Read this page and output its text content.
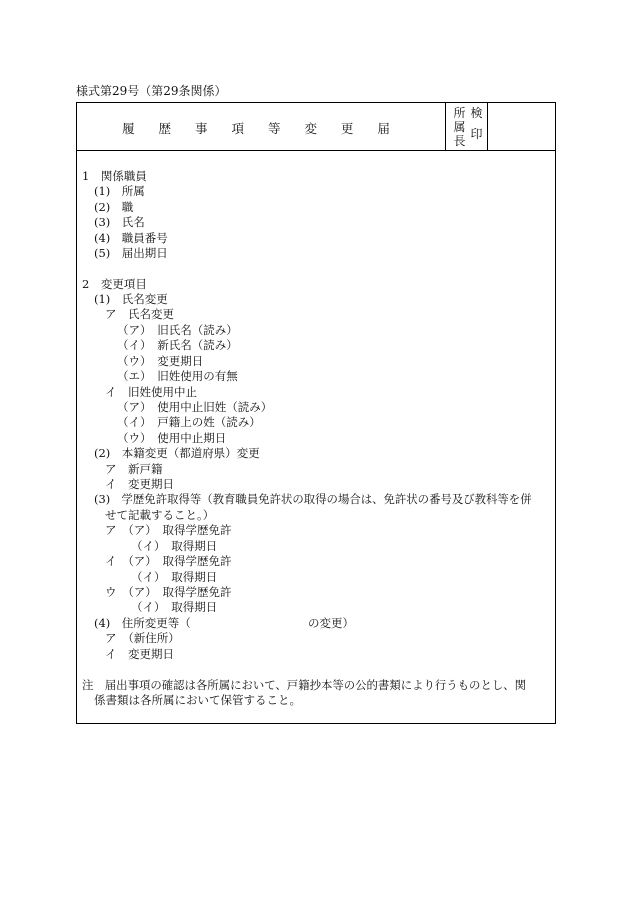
様式第29号（第29条関係）
履 歴 事 項 等 変 更 届
所
属
長
検
印
1　関係職員
(1)　所属
(2)　職
(3)　氏名
(4)　職員番号
(5)　届出期日
2　変更項目
(1)　氏名変更
ア　氏名変更
（ア）　旧氏名（読み）
（イ）　新氏名（読み）
（ウ）　変更期日
（エ）　旧姓使用の有無
イ　旧姓使用中止
（ア）　使用中止旧姓（読み）
（イ）　戸籍上の姓（読み）
（ウ）　使用中止期日
(2)　本籍変更（都道府県）変更
ア　新戸籍
イ　変更期日
(3)　学歴免許取得等（教育職員免許状の取得の場合は、免許状の番号及び教科等を併
せて記載すること。）
ア　（ア）　取得学歴免許
（イ）　取得期日
イ　（ア）　取得学歴免許
（イ）　取得期日
ウ　（ア）　取得学歴免許
（イ）　取得期日
(4)　住所変更等（	の変更）
ア　（新住所）
イ　変更期日
注　届出事項の確認は各所属において、戸籍抄本等の公的書類により行うものとし、関
係書類は各所属において保管すること。
